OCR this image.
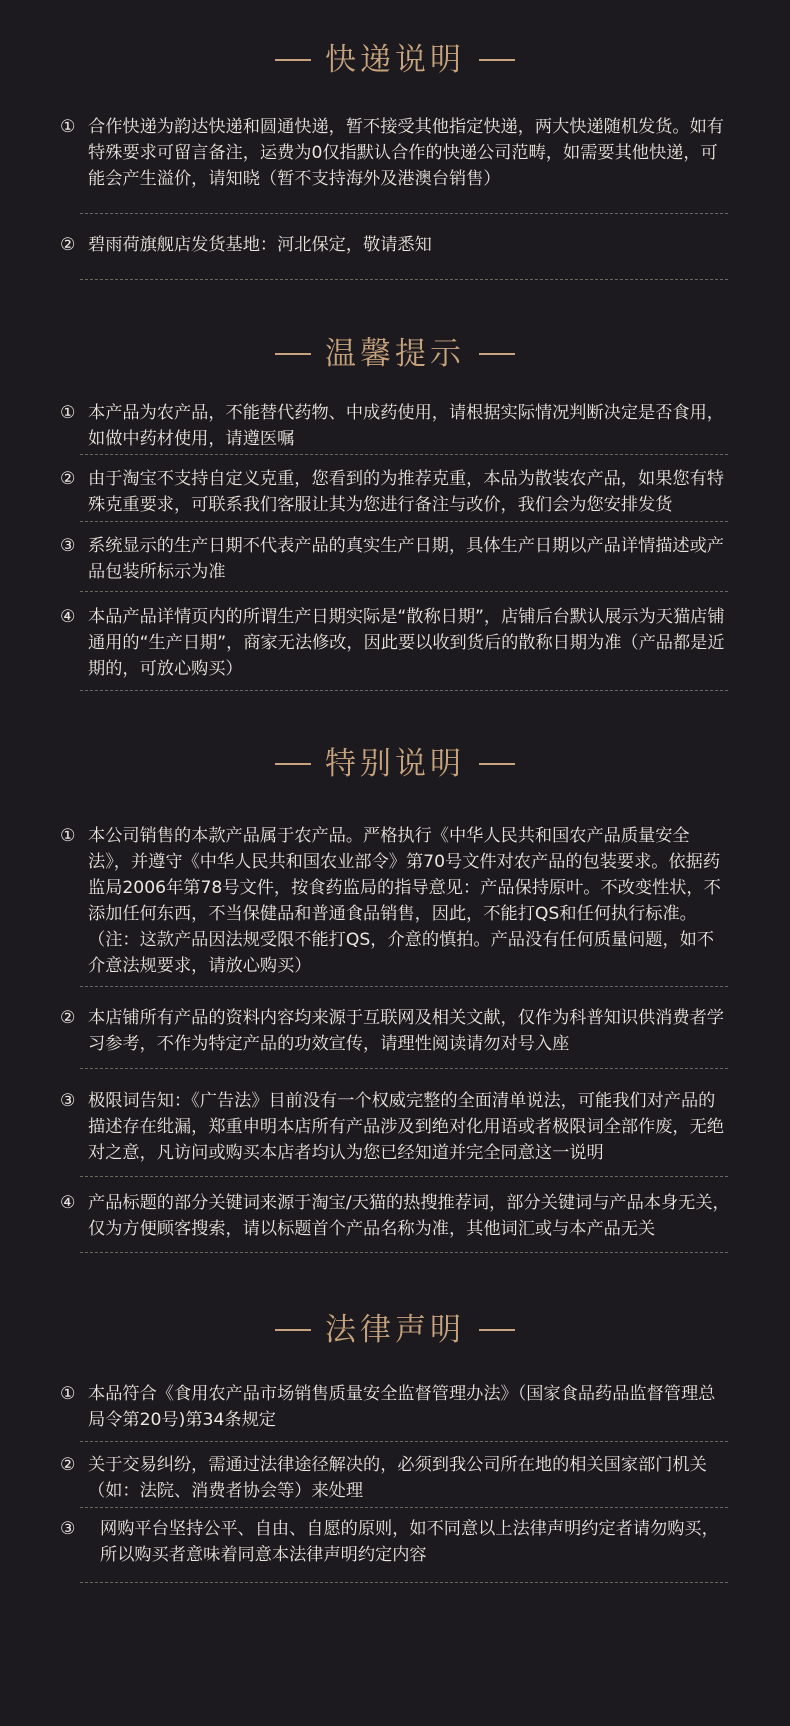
快递说明
① 合作快递为韵达快递和圆通快递，暂不接受其他指定快递，两大快递随机发货。如有特殊要求可留言备注，运费为0仅指默认合作的快递公司范畴，如需要其他快递，可能会产生溢价，请知晓（暂不支持海外及港澳台销售）
② 碧雨荷旗舰店发货基地：河北保定，敬请悉知
温馨提示
① 本产品为农产品，不能替代药物、中成药使用，请根据实际情况判断决定是否食用，如做中药材使用，请遵医嘱
② 由于淘宝不支持自定义克重，您看到的为推荐克重，本品为散装农产品，如果您有特殊克重要求，可联系我们客服让其为您进行备注与改价，我们会为您安排发货
③ 系统显示的生产日期不代表产品的真实生产日期，具体生产日期以产品详情描述或产品包装所标示为准
④ 本品产品详情页内的所谓生产日期实际是“散称日期”，店铺后台默认展示为天猫店铺通用的“生产日期”，商家无法修改，因此要以收到货后的散称日期为准（产品都是近期的，可放心购买）
特别说明
① 本公司销售的本款产品属于农产品。严格执行《中华人民共和国农产品质量安全法》，并遵守《中华人民共和国农业部令》第70号文件对农产品的包装要求。依据药监局2006年第78号文件，按食药监局的指导意见：产品保持原叶。不改变性状，不添加任何东西，不当保健品和普通食品销售，因此，不能打QS和任何执行标准。（注：这款产品因法规受限不能打QS，介意的慎拍。产品没有任何质量问题，如不介意法规要求，请放心购买）
② 本店铺所有产品的资料内容均来源于互联网及相关文献，仅作为科普知识供消费者学习参考，不作为特定产品的功效宣传，请理性阅读请勿对号入座
③ 极限词告知：《广告法》目前没有一个权威完整的全面清单说法，可能我们对产品的描述存在纰漏，郑重申明本店所有产品涉及到绝对化用语或者极限词全部作废，无绝对之意，凡访问或购买本店者均认为您已经知道并完全同意这一说明
④ 产品标题的部分关键词来源于淘宝/天猫的热搜推荐词，部分关键词与产品本身无关，仅为方便顾客搜索，请以标题首个产品名称为准，其他词汇或与本产品无关
法律声明
① 本品符合《食用农产品市场销售质量安全监督管理办法》（国家食品药品监督管理总局令第20号)第34条规定
② 关于交易纠纷，需通过法律途径解决的，必须到我公司所在地的相关国家部门机关（如：法院、消费者协会等）来处理
③	网购平台坚持公平、自由、自愿的原则，如不同意以上法律声明约定者请勿购买，所以购买者意味着同意本法律声明约定内容
